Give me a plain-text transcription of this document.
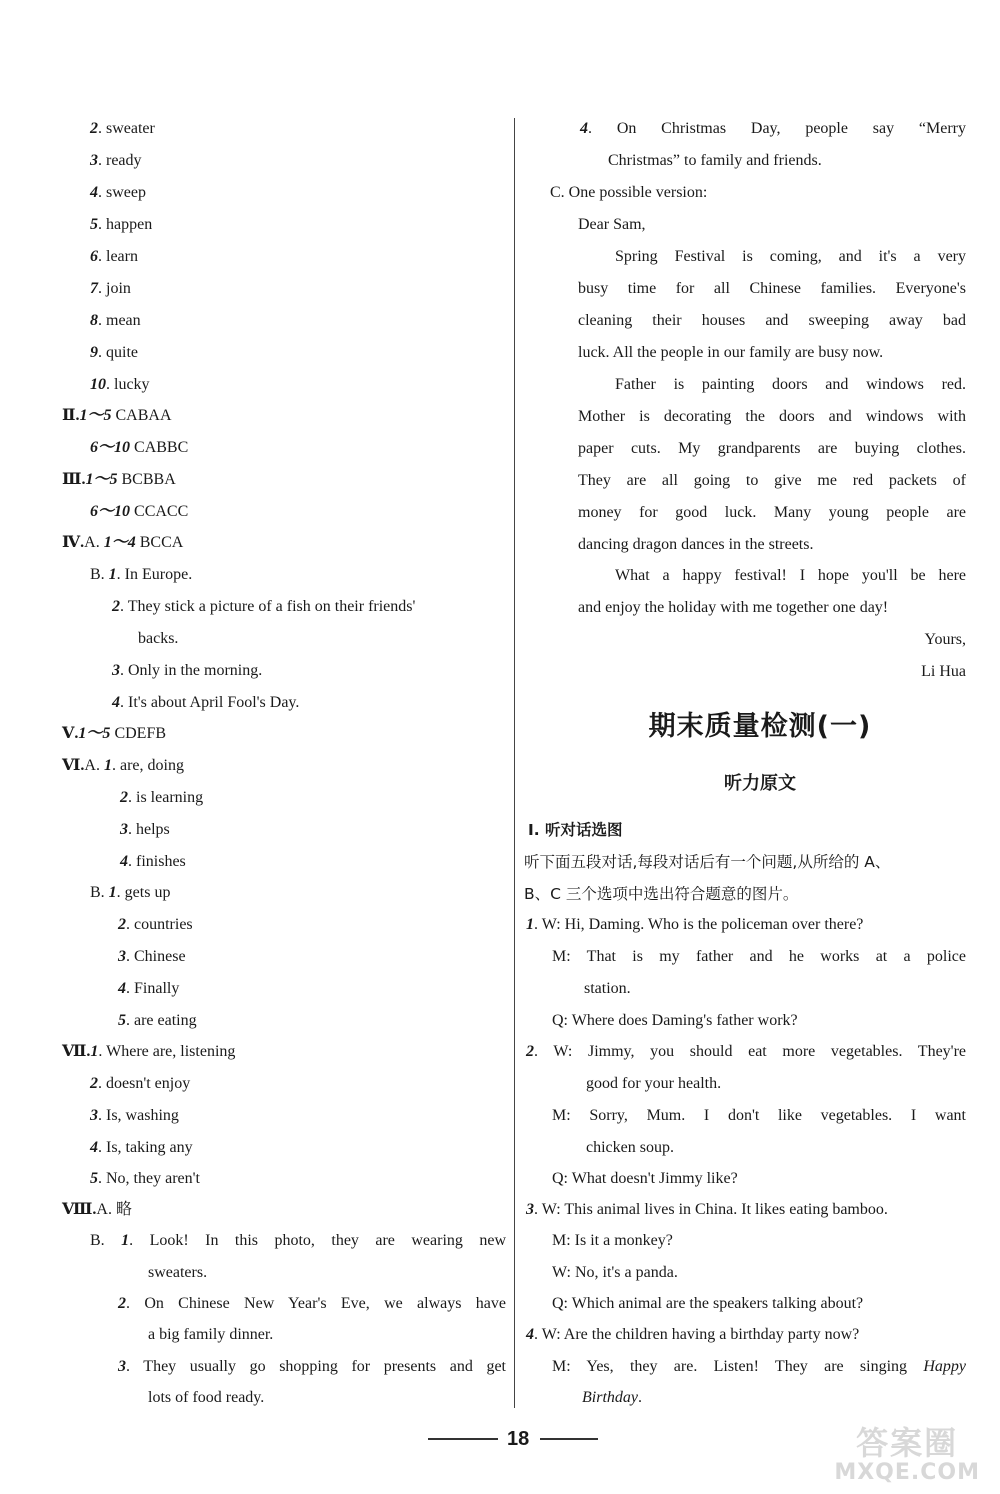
2. sweater
3. ready
4. sweep
5. happen
6. learn
7. join
8. mean
9. quite
10. lucky
Ⅱ.1～5 CABAA
6～10 CABBC
Ⅲ.1～5 BCBBA
6～10 CCACC
Ⅳ.A. 1～4 BCCA
B. 1. In Europe.
2. They stick a picture of a fish on their friends'
backs.
3. Only in the morning.
4. It's about April Fool's Day.
Ⅴ.1～5 CDEFB
Ⅵ.A. 1. are, doing
2. is learning
3. helps
4. finishes
B. 1. gets up
2. countries
3. Chinese
4. Finally
5. are eating
Ⅶ.1. Where are, listening
2. doesn't enjoy
3. Is, washing
4. Is, taking any
5. No, they aren't
Ⅷ.A. 略
B. 1. Look! In this photo, they are wearing new
sweaters.
2. On Chinese New Year's Eve, we always have
a big family dinner.
3. They usually go shopping for presents and get
lots of food ready.
期末质量检测(一)
听力原文
4. On Christmas Day, people say “Merry
Christmas” to family and friends.
C. One possible version:
Dear Sam,
Spring Festival is coming, and it's a very
busy time for all Chinese families. Everyone's
cleaning their houses and sweeping away bad
luck. All the people in our family are busy now.
Father is painting doors and windows red.
Mother is decorating the doors and windows with
paper cuts. My grandparents are buying clothes.
They are all going to give me red packets of
money for good luck. Many young people are
dancing dragon dances in the streets.
What a happy festival! I hope you'll be here
and enjoy the holiday with me together one day!
Yours,
Li Hua
Ⅰ. 听对话选图
听下面五段对话,每段对话后有一个问题,从所给的 A、
B、C 三个选项中选出符合题意的图片。
1. W: Hi, Daming. Who is the policeman over there?
M: That is my father and he works at a police
station.
Q: Where does Daming's father work?
2. W: Jimmy, you should eat more vegetables. They're
good for your health.
M: Sorry, Mum. I don't like vegetables. I want
chicken soup.
Q: What doesn't Jimmy like?
3. W: This animal lives in China. It likes eating bamboo.
M: Is it a monkey?
W: No, it's a panda.
Q: Which animal are the speakers talking about?
4. W: Are the children having a birthday party now?
M: Yes, they are. Listen! They are singing Happy
Birthday.
18	答案圈
MXQE.COM
